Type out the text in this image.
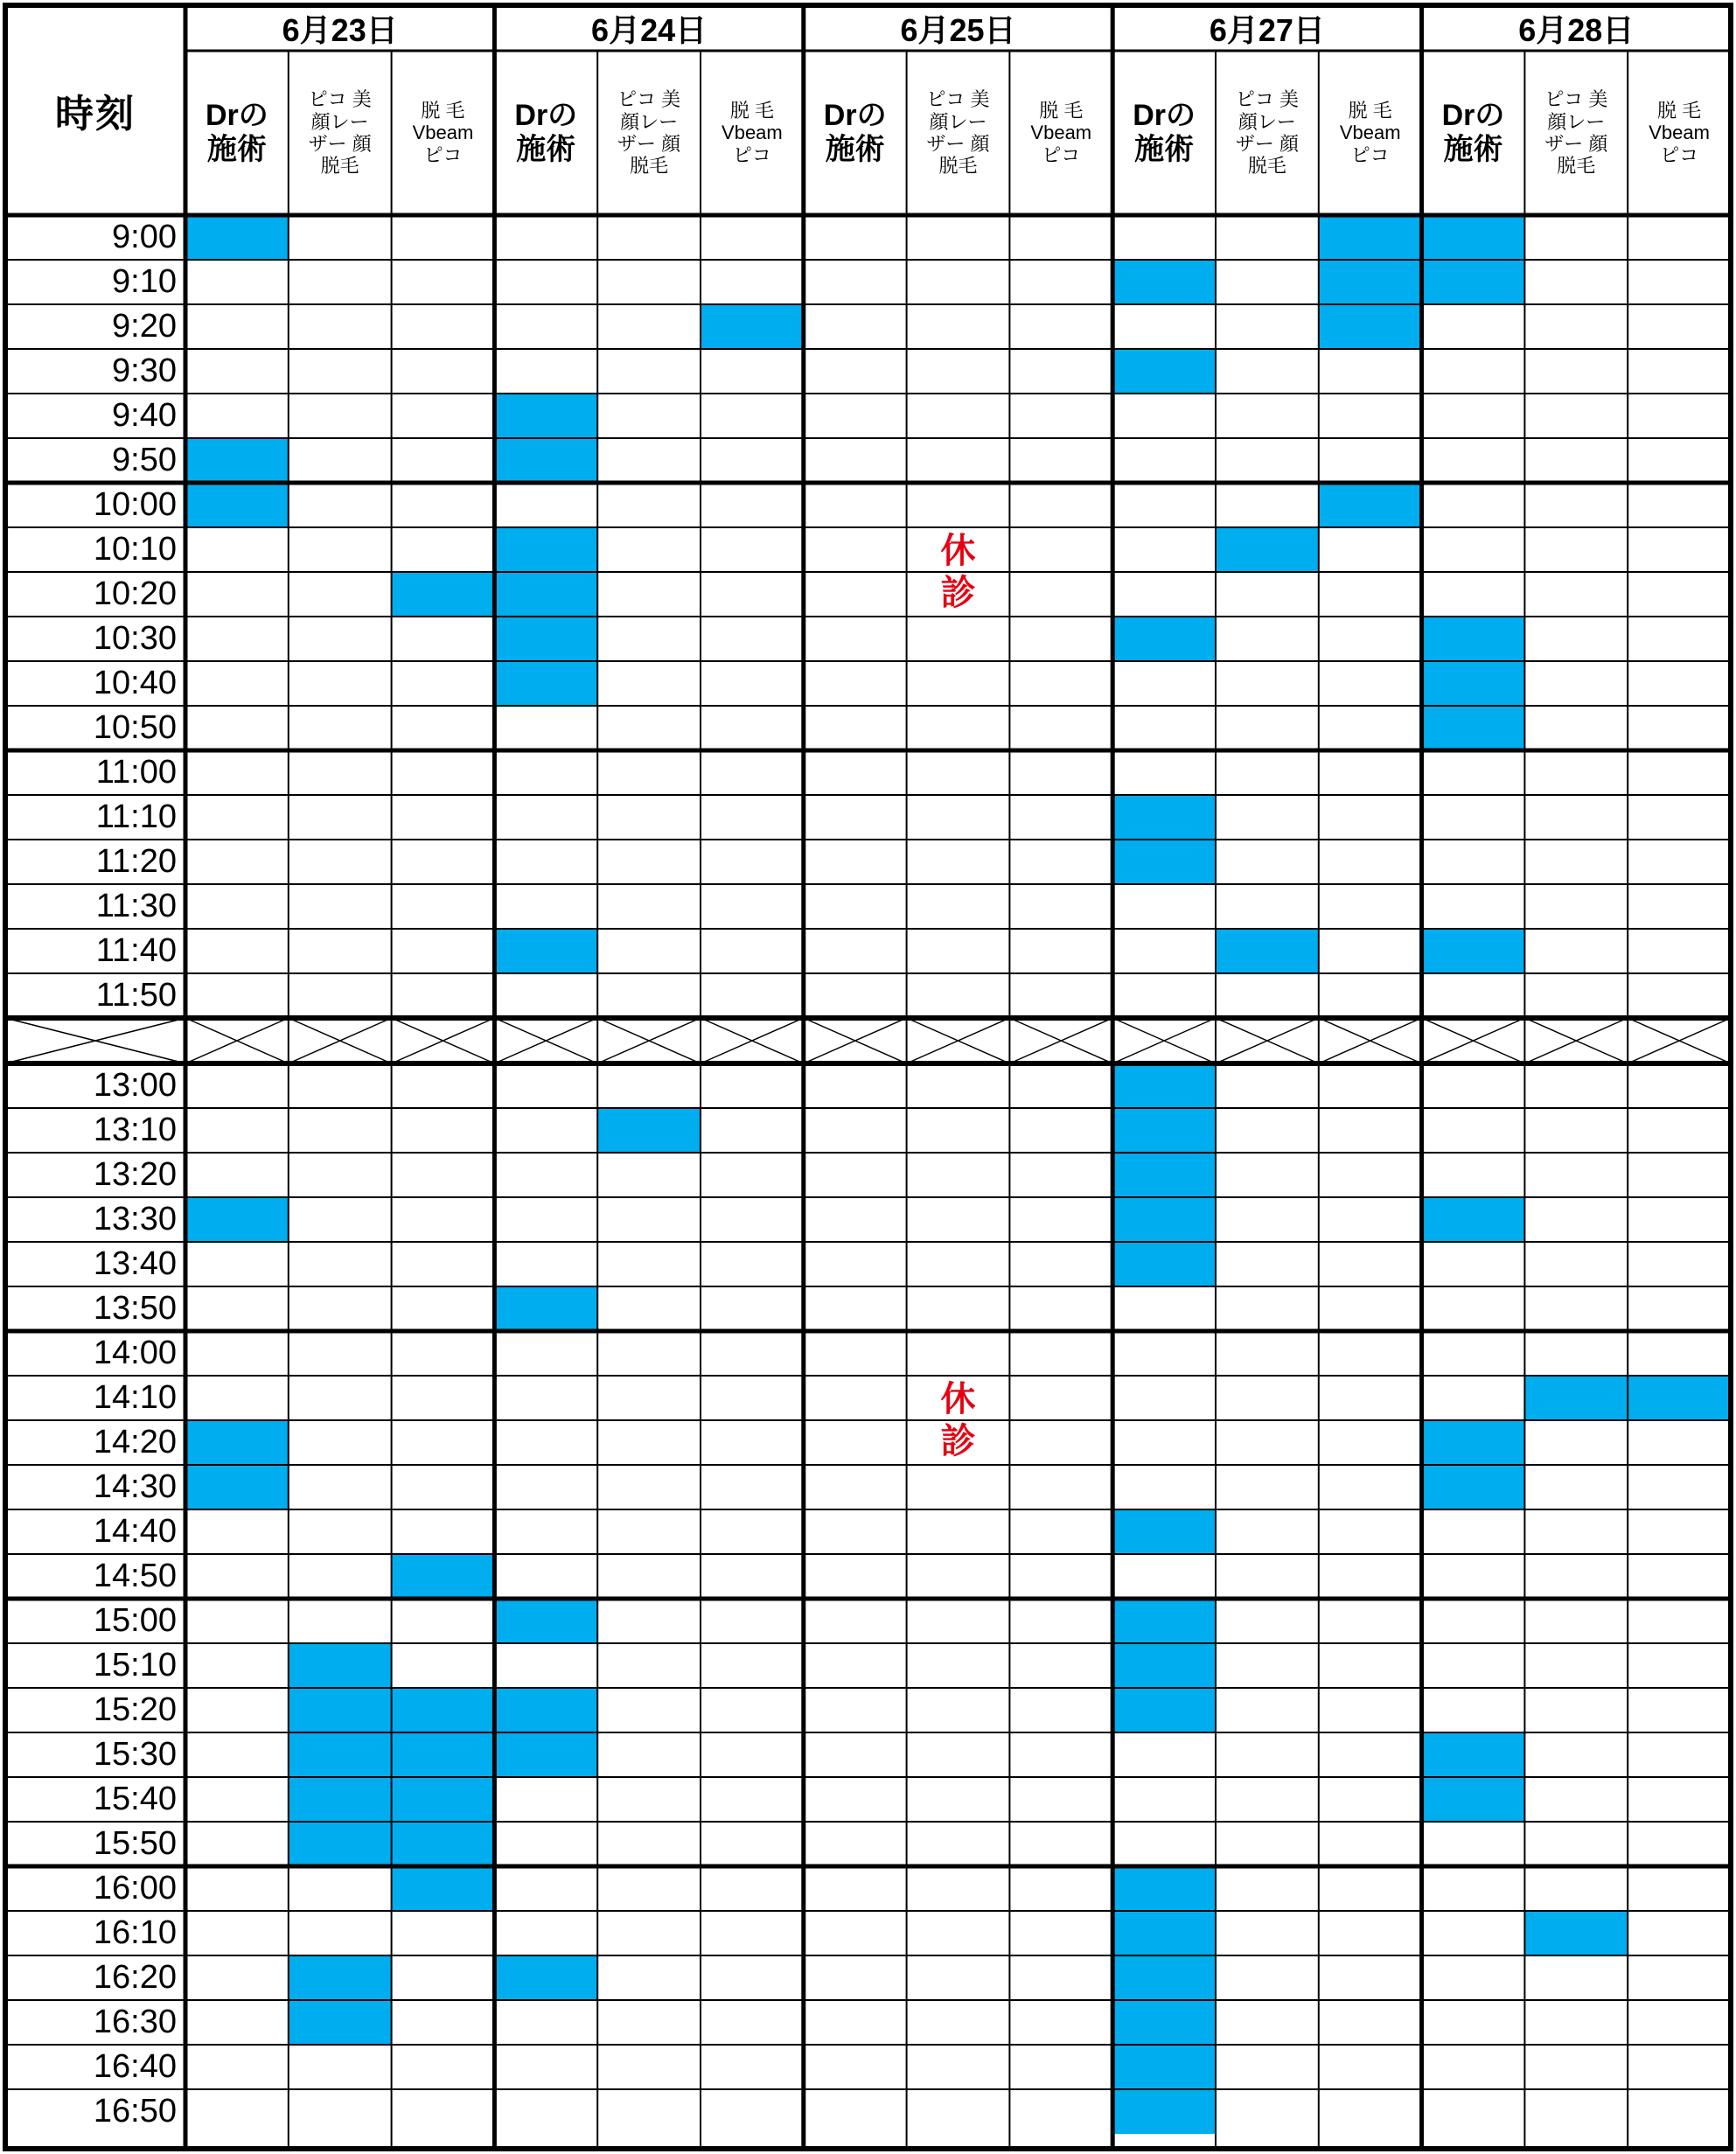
時刻
6月23日
Drの
施術
ピコ 美
顔レー
ザー 顔
脱毛
脱 毛
Vbeam
ピコ
6月24日
Drの
施術
ピコ 美
顔レー
ザー 顔
脱毛
脱 毛
Vbeam
ピコ
6月25日
Drの
施術
ピコ 美
顔レー
ザー 顔
脱毛
脱 毛
Vbeam
ピコ
6月27日
Drの
施術
ピコ 美
顔レー
ザー 顔
脱毛
脱 毛
Vbeam
ピコ
6月28日
Drの
施術
ピコ 美
顔レー
ザー 顔
脱毛
脱 毛
Vbeam
ピコ
9:00
9:10
9:20
9:30
9:40
9:50
10:00
10:10
10:20
10:30
10:40
10:50
11:00
11:10
11:20
11:30
11:40
11:50
13:00
13:10
13:20
13:30
13:40
13:50
14:00
14:10
14:20
14:30
14:40
14:50
15:00
15:10
15:20
15:30
15:40
15:50
16:00
16:10
16:20
16:30
16:40
16:50
休
診
休
診
